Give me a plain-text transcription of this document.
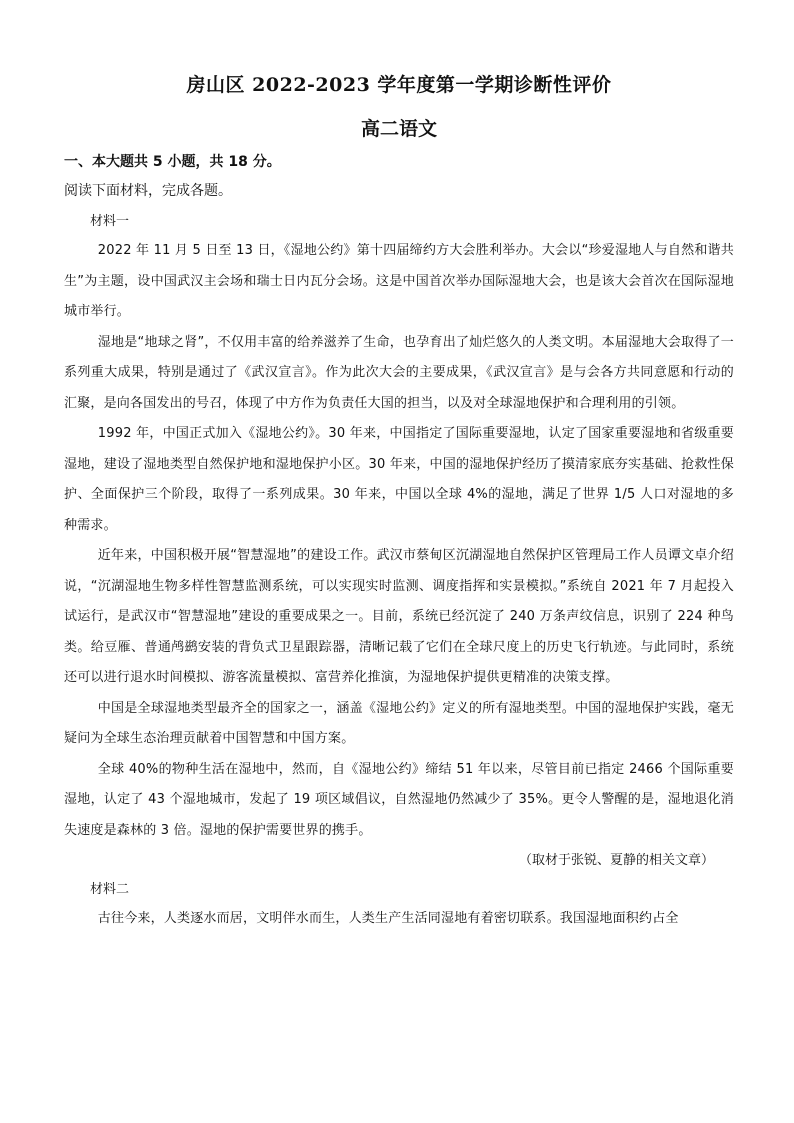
房山区 2022-2023 学年度第一学期诊断性评价
高二语文

一、本大题共 5 小题，共 18 分。

阅读下面材料，完成各题。

材料一

2022 年 11 月 5 日至 13 日，《湿地公约》第十四届缔约方大会胜利举办。大会以“珍爱湿地人与自然和谐共生”为主题，设中国武汉主会场和瑞士日内瓦分会场。这是中国首次举办国际湿地大会，也是该大会首次在国际湿地城市举行。

湿地是“地球之肾”，不仅用丰富的给养滋养了生命，也孕育出了灿烂悠久的人类文明。本届湿地大会取得了一系列重大成果，特别是通过了《武汉宣言》。作为此次大会的主要成果，《武汉宣言》是与会各方共同意愿和行动的汇聚，是向各国发出的号召，体现了中方作为负责任大国的担当，以及对全球湿地保护和合理利用的引领。

1992 年，中国正式加入《湿地公约》。30 年来，中国指定了国际重要湿地，认定了国家重要湿地和省级重要湿地，建设了湿地类型自然保护地和湿地保护小区。30 年来，中国的湿地保护经历了摸清家底夯实基础、抢救性保护、全面保护三个阶段，取得了一系列成果。30 年来，中国以全球 4%的湿地，满足了世界 1/5 人口对湿地的多种需求。

近年来，中国积极开展“智慧湿地”的建设工作。武汉市蔡甸区沉湖湿地自然保护区管理局工作人员谭文卓介绍说，“沉湖湿地生物多样性智慧监测系统，可以实现实时监测、调度指挥和实景模拟。”系统自 2021 年 7 月起投入试运行，是武汉市“智慧湿地”建设的重要成果之一。目前，系统已经沉淀了 240 万条声纹信息，识别了 224 种鸟类。给豆雁、普通鸬鹚安装的背负式卫星跟踪器，清晰记载了它们在全球尺度上的历史飞行轨迹。与此同时，系统还可以进行退水时间模拟、游客流量模拟、富营养化推演，为湿地保护提供更精准的决策支撑。

中国是全球湿地类型最齐全的国家之一，涵盖《湿地公约》定义的所有湿地类型。中国的湿地保护实践，毫无疑问为全球生态治理贡献着中国智慧和中国方案。

全球 40%的物种生活在湿地中，然而，自《湿地公约》缔结 51 年以来，尽管目前已指定 2466 个国际重要湿地，认定了 43 个湿地城市，发起了 19 项区域倡议，自然湿地仍然减少了 35%。更令人警醒的是，湿地退化消失速度是森林的 3 倍。湿地的保护需要世界的携手。

（取材于张锐、夏静的相关文章）

材料二

古往今来，人类逐水而居，文明伴水而生，人类生产生活同湿地有着密切联系。我国湿地面积约占全
